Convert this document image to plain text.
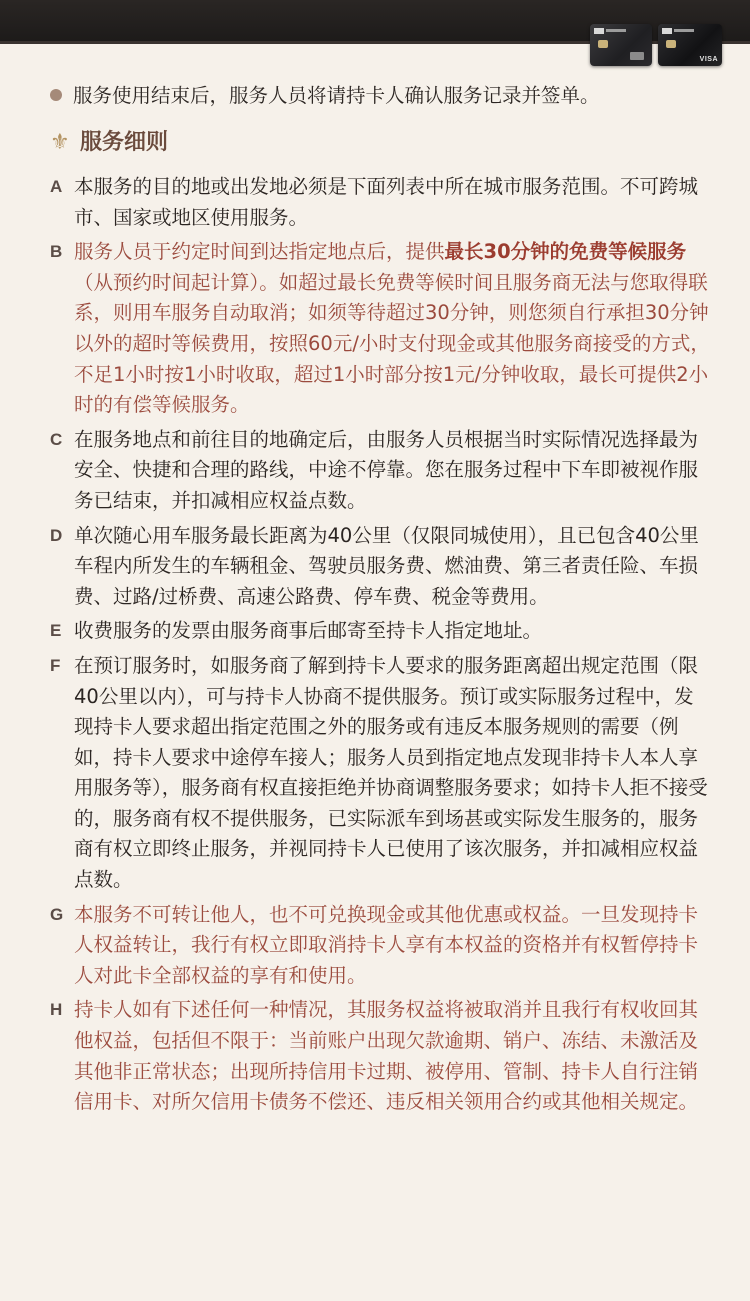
VISA
服务使用结束后，服务人员将请持卡人确认服务记录并签单。
⚜ 服务细则
A 本服务的目的地或出发地必须是下面列表中所在城市服务范围。不可跨城市、国家或地区使用服务。
B 服务人员于约定时间到达指定地点后，提供最长30分钟的免费等候服务（从预约时间起计算）。如超过最长免费等候时间且服务商无法与您取得联系，则用车服务自动取消；如须等待超过30分钟，则您须自行承担30分钟以外的超时等候费用，按照60元/小时支付现金或其他服务商接受的方式，不足1小时按1小时收取，超过1小时部分按1元/分钟收取，最长可提供2小时的有偿等候服务。
C 在服务地点和前往目的地确定后，由服务人员根据当时实际情况选择最为安全、快捷和合理的路线，中途不停靠。您在服务过程中下车即被视作服务已结束，并扣减相应权益点数。
D 单次随心用车服务最长距离为40公里（仅限同城使用），且已包含40公里车程内所发生的车辆租金、驾驶员服务费、燃油费、第三者责任险、车损费、过路/过桥费、高速公路费、停车费、税金等费用。
E 收费服务的发票由服务商事后邮寄至持卡人指定地址。
F 在预订服务时，如服务商了解到持卡人要求的服务距离超出规定范围（限40公里以内），可与持卡人协商不提供服务。预订或实际服务过程中，发现持卡人要求超出指定范围之外的服务或有违反本服务规则的需要（例如，持卡人要求中途停车接人；服务人员到指定地点发现非持卡人本人享用服务等），服务商有权直接拒绝并协商调整服务要求；如持卡人拒不接受的，服务商有权不提供服务，已实际派车到场甚或实际发生服务的，服务商有权立即终止服务，并视同持卡人已使用了该次服务，并扣减相应权益点数。
G 本服务不可转让他人，也不可兑换现金或其他优惠或权益。一旦发现持卡人权益转让，我行有权立即取消持卡人享有本权益的资格并有权暂停持卡人对此卡全部权益的享有和使用。
H 持卡人如有下述任何一种情况，其服务权益将被取消并且我行有权收回其他权益，包括但不限于：当前账户出现欠款逾期、销户、冻结、未激活及其他非正常状态；出现所持信用卡过期、被停用、管制、持卡人自行注销信用卡、对所欠信用卡债务不偿还、违反相关领用合约或其他相关规定。
